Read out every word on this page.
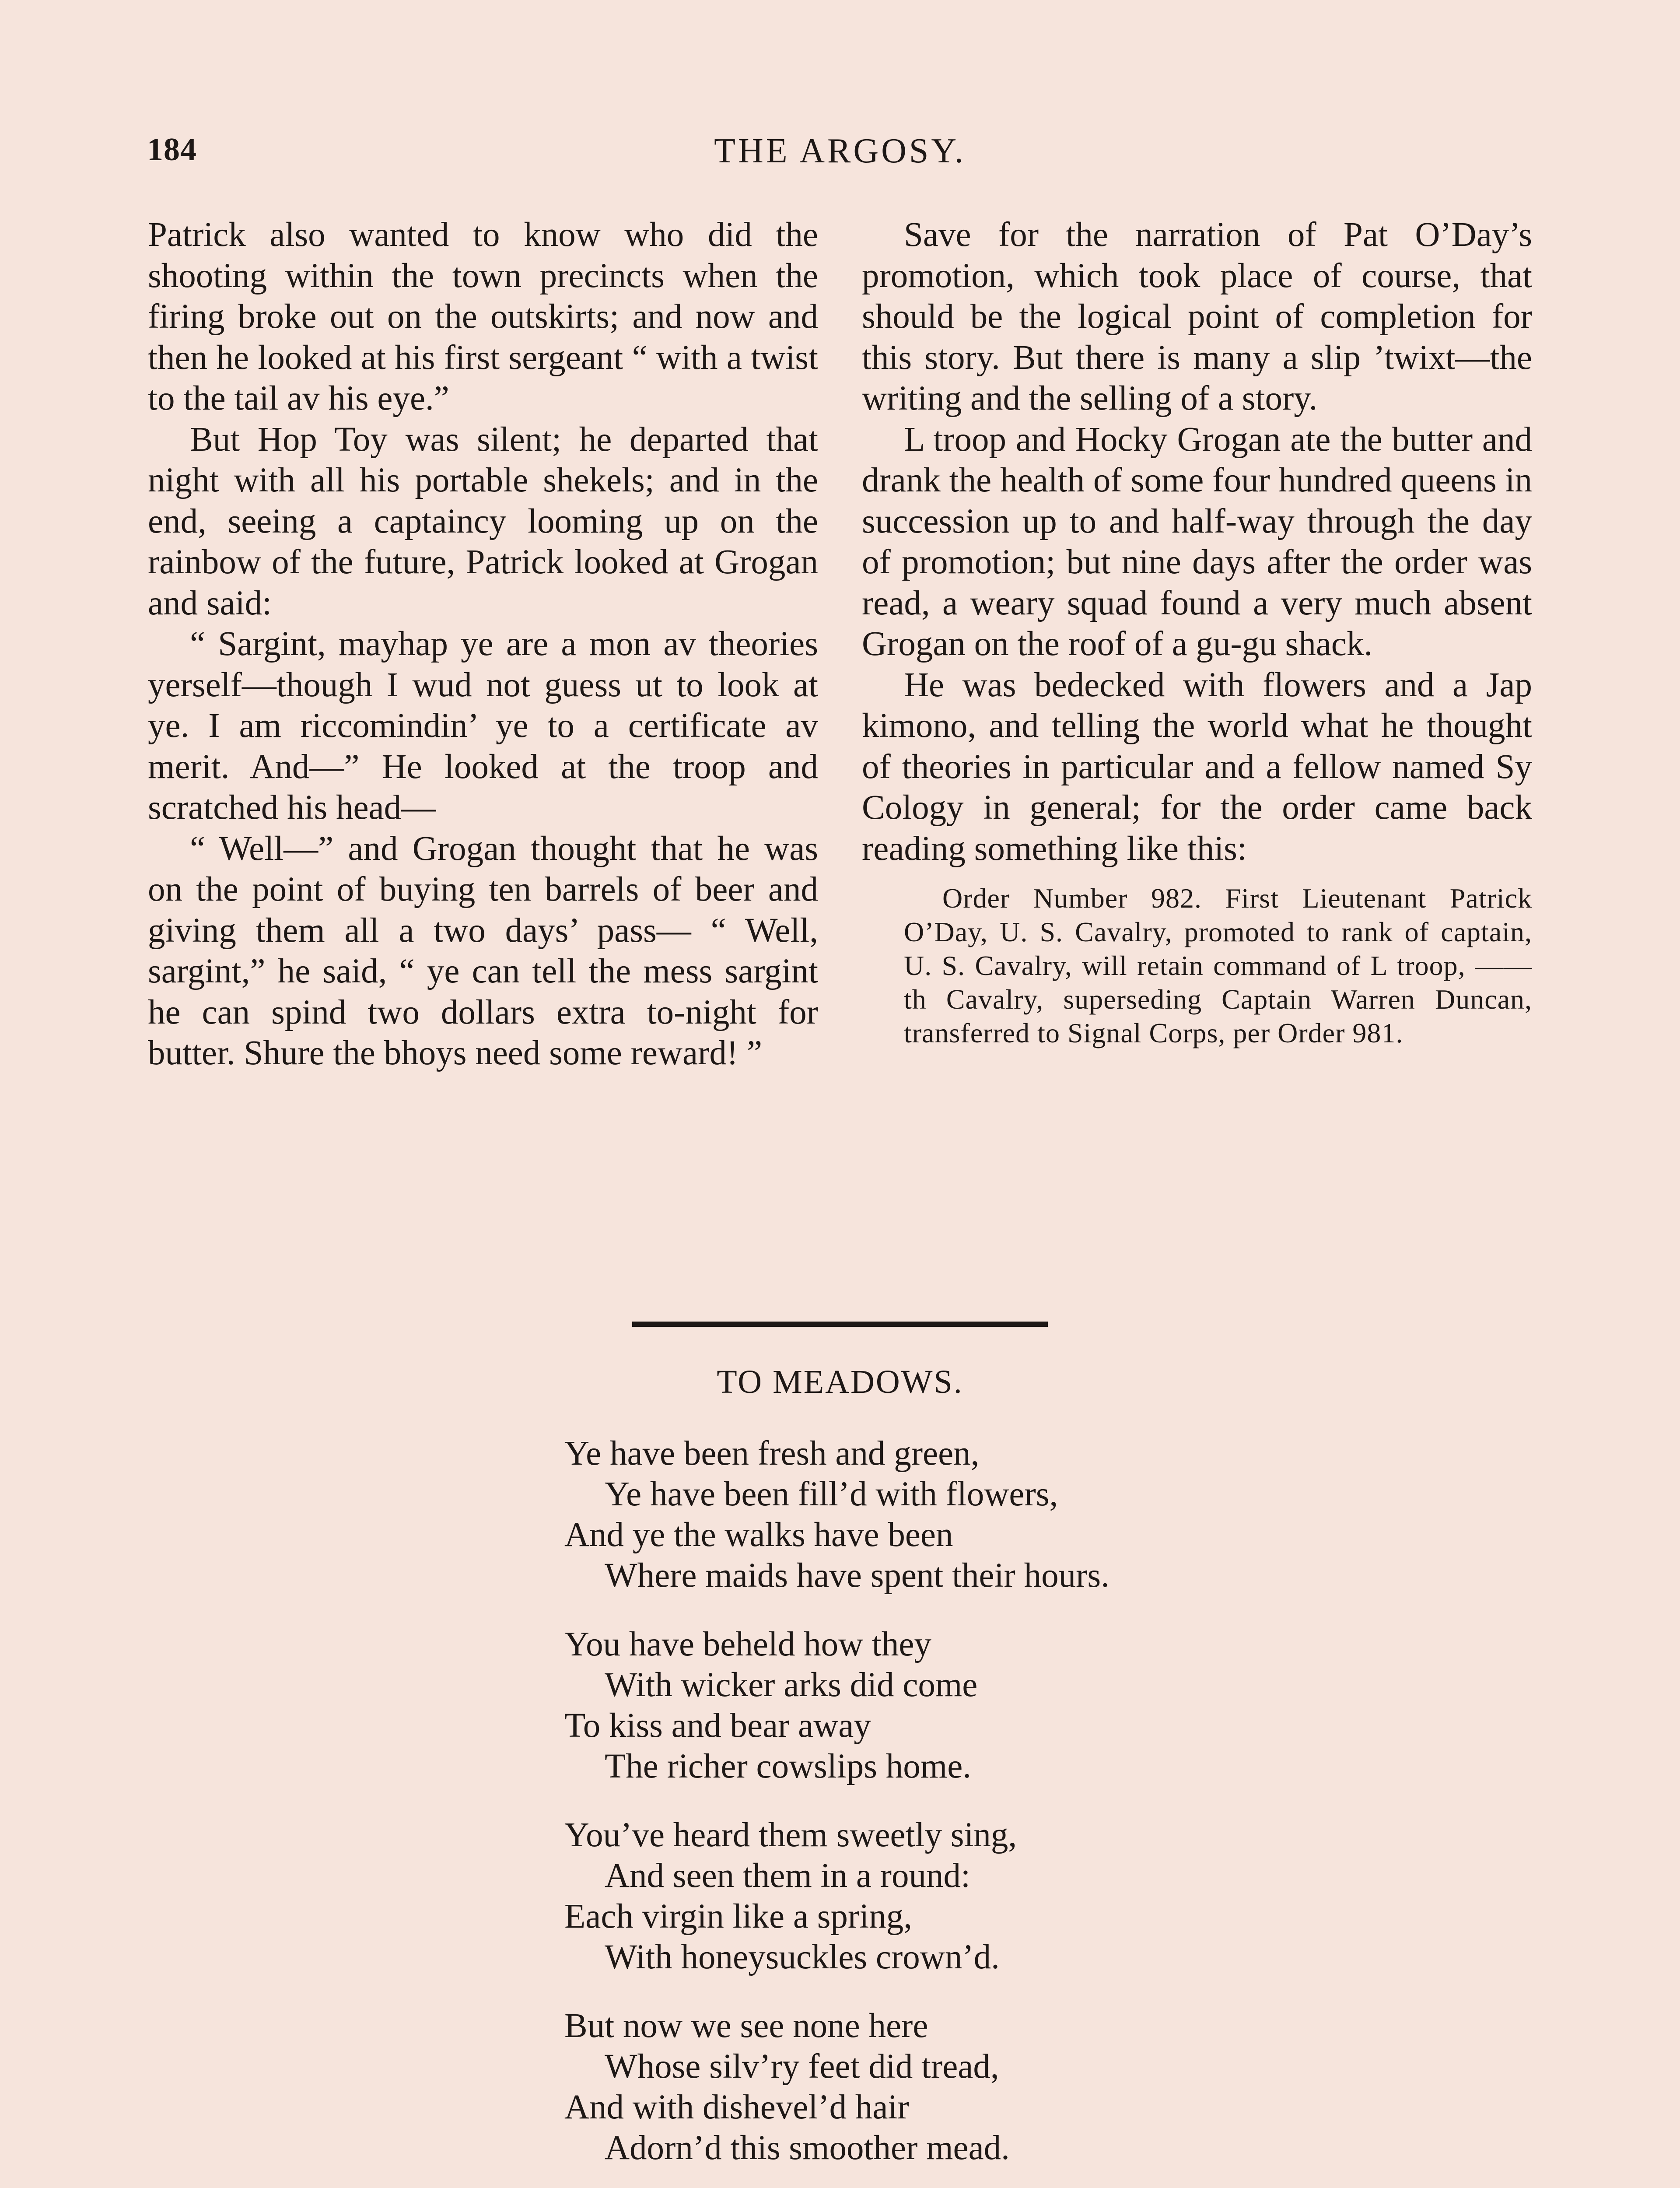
184	THE ARGOSY.

Patrick also wanted to know who did the shooting within the town precincts when the firing broke out on the outskirts; and now and then he looked at his first sergeant “ with a twist to the tail av his eye.”

But Hop Toy was silent; he departed that night with all his portable shekels; and in the end, seeing a captaincy looming up on the rainbow of the future, Patrick looked at Grogan and said:

“ Sargint, mayhap ye are a mon av theories yerself—though I wud not guess ut to look at ye. I am riccomindin’ ye to a certificate av merit. And—” He looked at the troop and scratched his head—

“ Well—” and Grogan thought that he was on the point of buying ten barrels of beer and giving them all a two days’ pass— “ Well, sargint,” he said, “ ye can tell the mess sargint he can spind two dollars extra to-night for butter. Shure the bhoys need some reward! ”

Save for the narration of Pat O’Day’s promotion, which took place of course, that should be the logical point of completion for this story. But there is many a slip ’twixt—the writing and the selling of a story.

L troop and Hocky Grogan ate the butter and drank the health of some four hundred queens in succession up to and half-way through the day of promotion; but nine days after the order was read, a weary squad found a very much absent Grogan on the roof of a gu-gu shack.

He was bedecked with flowers and a Jap kimono, and telling the world what he thought of theories in particular and a fellow named Sy Cology in general; for the order came back reading something like this:

Order Number 982. First Lieutenant Patrick O’Day, U. S. Cavalry, promoted to rank of captain, U. S. Cavalry, will retain command of L troop, ——th Cavalry, superseding Captain Warren Duncan, transferred to Signal Corps, per Order 981.
TO MEADOWS.
Ye have been fresh and green,
Ye have been fill’d with flowers,
And ye the walks have been
Where maids have spent their hours.
You have beheld how they
With wicker arks did come
To kiss and bear away
The richer cowslips home.
You’ve heard them sweetly sing,
And seen them in a round:
Each virgin like a spring,
With honeysuckles crown’d.
But now we see none here
Whose silv’ry feet did tread,
And with dishevel’d hair
Adorn’d this smoother mead.
